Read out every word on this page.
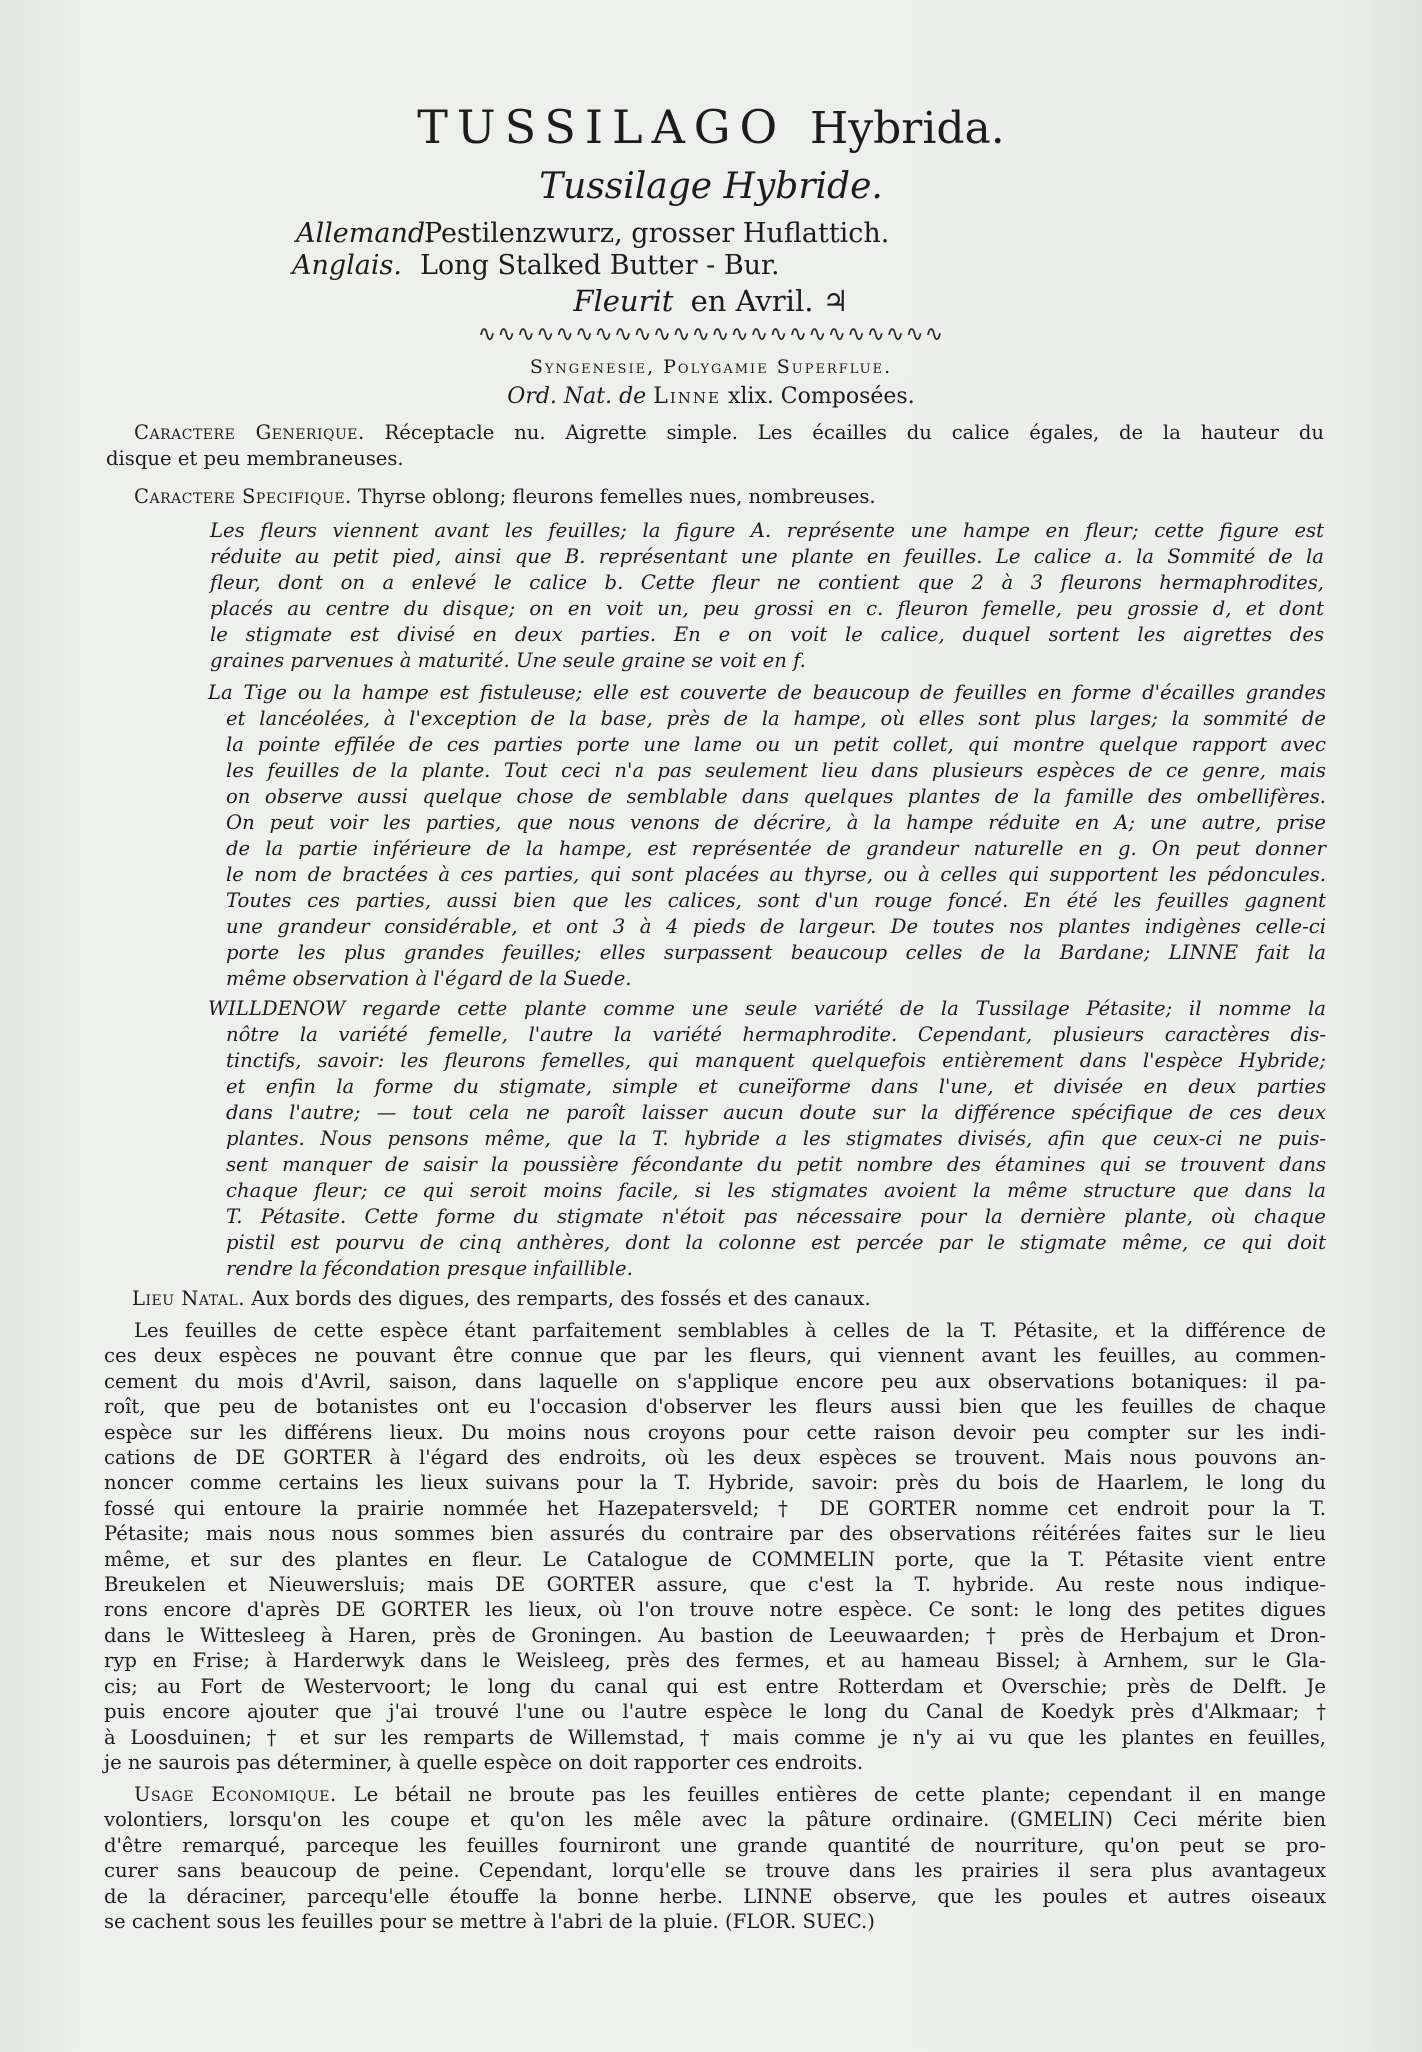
TUSSILAGO Hybrida.
Tussilage Hybride.
Allemand.Pestilenzwurz, grosser Huflattich.
Anglais. Long Stalked Butter - Bur.
Fleurit en Avril. ♃
∿∿∿∿∿∿∿∿∿∿∿∿∿∿∿∿∿∿∿∿∿∿∿∿
Syngenesie, Polygamie Superflue.
Ord. Nat. de Linne xlix. Composées.
Caractere Generique. Réceptacle nu. Aigrette simple. Les écailles du calice égales, de la hauteur du
disque et peu membraneuses.
Caractere Specifique. Thyrse oblong; fleurons femelles nues, nombreuses.
Les fleurs viennent avant les feuilles; la figure A. représente une hampe en fleur; cette figure est
réduite au petit pied, ainsi que B. représentant une plante en feuilles. Le calice a. la Sommité de la
fleur, dont on a enlevé le calice b. Cette fleur ne contient que 2 à 3 fleurons hermaphrodites,
placés au centre du disque; on en voit un, peu grossi en c. fleuron femelle, peu grossie d, et dont
le stigmate est divisé en deux parties. En e on voit le calice, duquel sortent les aigrettes des
graines parvenues à maturité. Une seule graine se voit en f.
La Tige ou la hampe est fistuleuse; elle est couverte de beaucoup de feuilles en forme d'écailles grandes
et lancéolées, à l'exception de la base, près de la hampe, où elles sont plus larges; la sommité de
la pointe effilée de ces parties porte une lame ou un petit collet, qui montre quelque rapport avec
les feuilles de la plante. Tout ceci n'a pas seulement lieu dans plusieurs espèces de ce genre, mais
on observe aussi quelque chose de semblable dans quelques plantes de la famille des ombellifères.
On peut voir les parties, que nous venons de décrire, à la hampe réduite en A; une autre, prise
de la partie inférieure de la hampe, est représentée de grandeur naturelle en g. On peut donner
le nom de bractées à ces parties, qui sont placées au thyrse, ou à celles qui supportent les pédoncules.
Toutes ces parties, aussi bien que les calices, sont d'un rouge foncé. En été les feuilles gagnent
une grandeur considérable, et ont 3 à 4 pieds de largeur. De toutes nos plantes indigènes celle-ci
porte les plus grandes feuilles; elles surpassent beaucoup celles de la Bardane; LINNE fait la
même observation à l'égard de la Suede.
WILLDENOW regarde cette plante comme une seule variété de la Tussilage Pétasite; il nomme la
nôtre la variété femelle, l'autre la variété hermaphrodite. Cependant, plusieurs caractères dis-
tinctifs, savoir: les fleurons femelles, qui manquent quelquefois entièrement dans l'espèce Hybride;
et enfin la forme du stigmate, simple et cuneïforme dans l'une, et divisée en deux parties
dans l'autre; — tout cela ne paroît laisser aucun doute sur la différence spécifique de ces deux
plantes. Nous pensons même, que la T. hybride a les stigmates divisés, afin que ceux-ci ne puis-
sent manquer de saisir la poussière fécondante du petit nombre des étamines qui se trouvent dans
chaque fleur; ce qui seroit moins facile, si les stigmates avoient la même structure que dans la
T. Pétasite. Cette forme du stigmate n'étoit pas nécessaire pour la dernière plante, où chaque
pistil est pourvu de cinq anthères, dont la colonne est percée par le stigmate même, ce qui doit
rendre la fécondation presque infaillible.
Lieu Natal. Aux bords des digues, des remparts, des fossés et des canaux.
Les feuilles de cette espèce étant parfaitement semblables à celles de la T. Pétasite, et la différence de
ces deux espèces ne pouvant être connue que par les fleurs, qui viennent avant les feuilles, au commen-
cement du mois d'Avril, saison, dans laquelle on s'applique encore peu aux observations botaniques: il pa-
roît, que peu de botanistes ont eu l'occasion d'observer les fleurs aussi bien que les feuilles de chaque
espèce sur les différens lieux. Du moins nous croyons pour cette raison devoir peu compter sur les indi-
cations de DE GORTER à l'égard des endroits, où les deux espèces se trouvent. Mais nous pouvons an-
noncer comme certains les lieux suivans pour la T. Hybride, savoir: près du bois de Haarlem, le long du
fossé qui entoure la prairie nommée het Hazepatersveld; † DE GORTER nomme cet endroit pour la T.
Pétasite; mais nous nous sommes bien assurés du contraire par des observations réitérées faites sur le lieu
même, et sur des plantes en fleur. Le Catalogue de COMMELIN porte, que la T. Pétasite vient entre
Breukelen et Nieuwersluis; mais DE GORTER assure, que c'est la T. hybride. Au reste nous indique-
rons encore d'après DE GORTER les lieux, où l'on trouve notre espèce. Ce sont: le long des petites digues
dans le Wittesleeg à Haren, près de Groningen. Au bastion de Leeuwaarden; † près de Herbajum et Dron-
ryp en Frise; à Harderwyk dans le Weisleeg, près des fermes, et au hameau Bissel; à Arnhem, sur le Gla-
cis; au Fort de Westervoort; le long du canal qui est entre Rotterdam et Overschie; près de Delft. Je
puis encore ajouter que j'ai trouvé l'une ou l'autre espèce le long du Canal de Koedyk près d'Alkmaar; †
à Loosduinen; † et sur les remparts de Willemstad, † mais comme je n'y ai vu que les plantes en feuilles,
je ne saurois pas déterminer, à quelle espèce on doit rapporter ces endroits.
Usage Economique. Le bétail ne broute pas les feuilles entières de cette plante; cependant il en mange
volontiers, lorsqu'on les coupe et qu'on les mêle avec la pâture ordinaire. (GMELIN) Ceci mérite bien
d'être remarqué, parceque les feuilles fourniront une grande quantité de nourriture, qu'on peut se pro-
curer sans beaucoup de peine. Cependant, lorqu'elle se trouve dans les prairies il sera plus avantageux
de la déraciner, parcequ'elle étouffe la bonne herbe. LINNE observe, que les poules et autres oiseaux
se cachent sous les feuilles pour se mettre à l'abri de la pluie. (FLOR. SUEC.)
